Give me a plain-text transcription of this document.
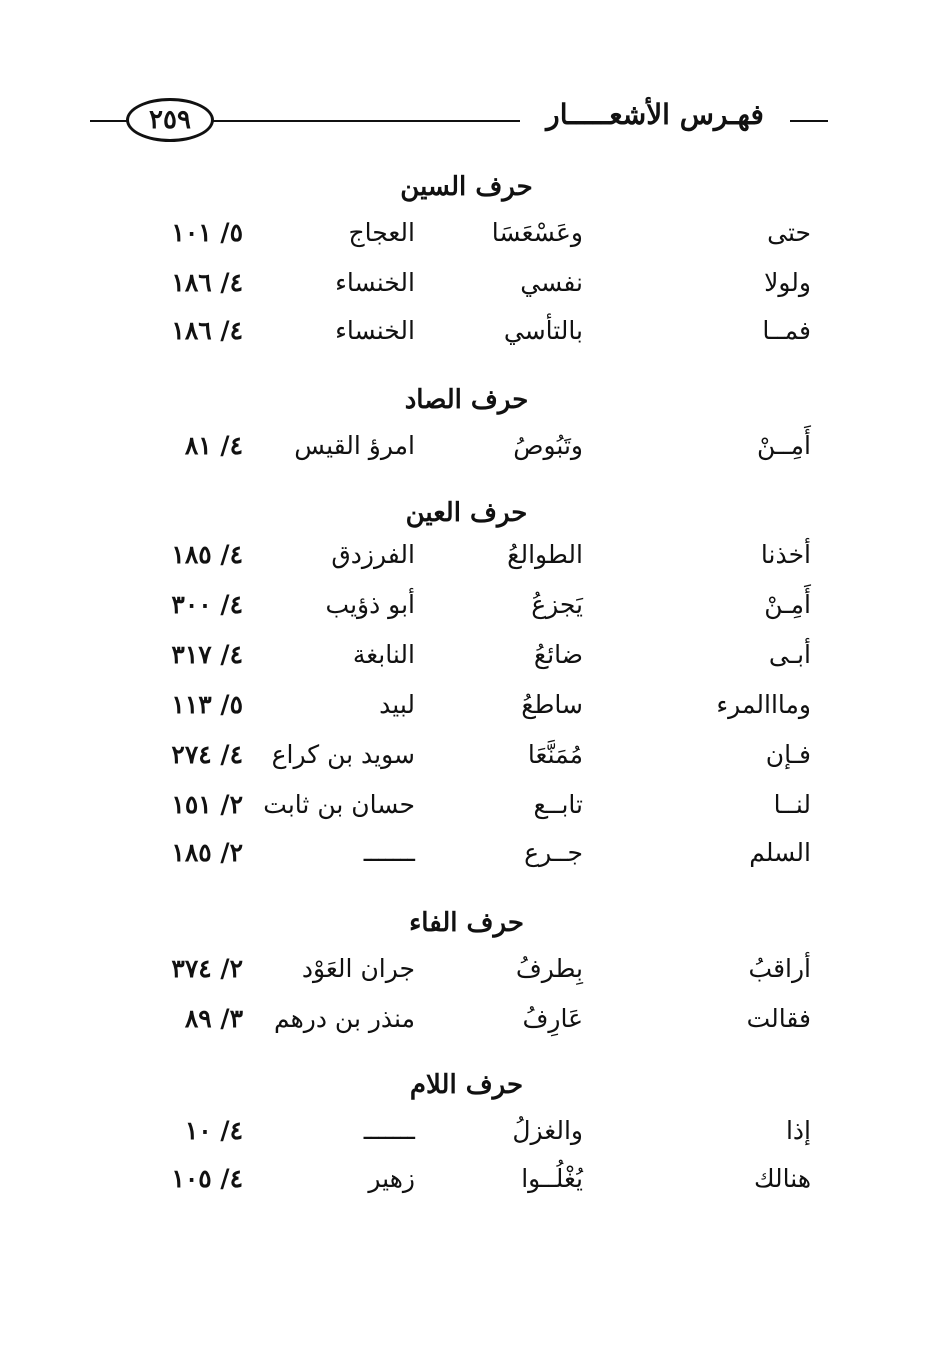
٢٥٩	فهـرس الأشعـــــار
حرف السين
حتى
وعَسْعَسَا
العجاج
٥/ ١٠١
ولولا
نفسي
الخنساء
٤/ ١٨٦
فمــا
بالتأسي
الخنساء
٤/ ١٨٦
حرف الصاد
أَمِــنْ
وتَبُوصُ
امرؤ القيس
٤/ ٨١
حرف العين
أخذنا
الطوالعُ
الفرزدق
٤/ ١٨٥
أَمِـنْ
يَجزعُ
أبو ذؤيب
٤/ ٣٠٠
أبـى
ضائعُ
النابغة
٤/ ٣١٧
ومااالمرء
ساطعُ
لبيد
٥/ ١١٣
فـإن
مُمَنَّعَا
سويد بن كراع
٤/ ٢٧٤
لنــا
تابــع
حسان بن ثابت
٢/ ١٥١
السلم
جــرع
ـــــــ
٢/ ١٨٥
حرف الفاء
أراقبُ
بِطرفُ
جران العَوْد
٢/ ٣٧٤
فقالت
عَارِفُ
منذر بن درهم
٣/ ٨٩
حرف اللام
إذا
والغزلُ
ـــــــ
٤/ ١٠
هنالك
يُغْلُــوا
زهير
٤/ ١٠٥
